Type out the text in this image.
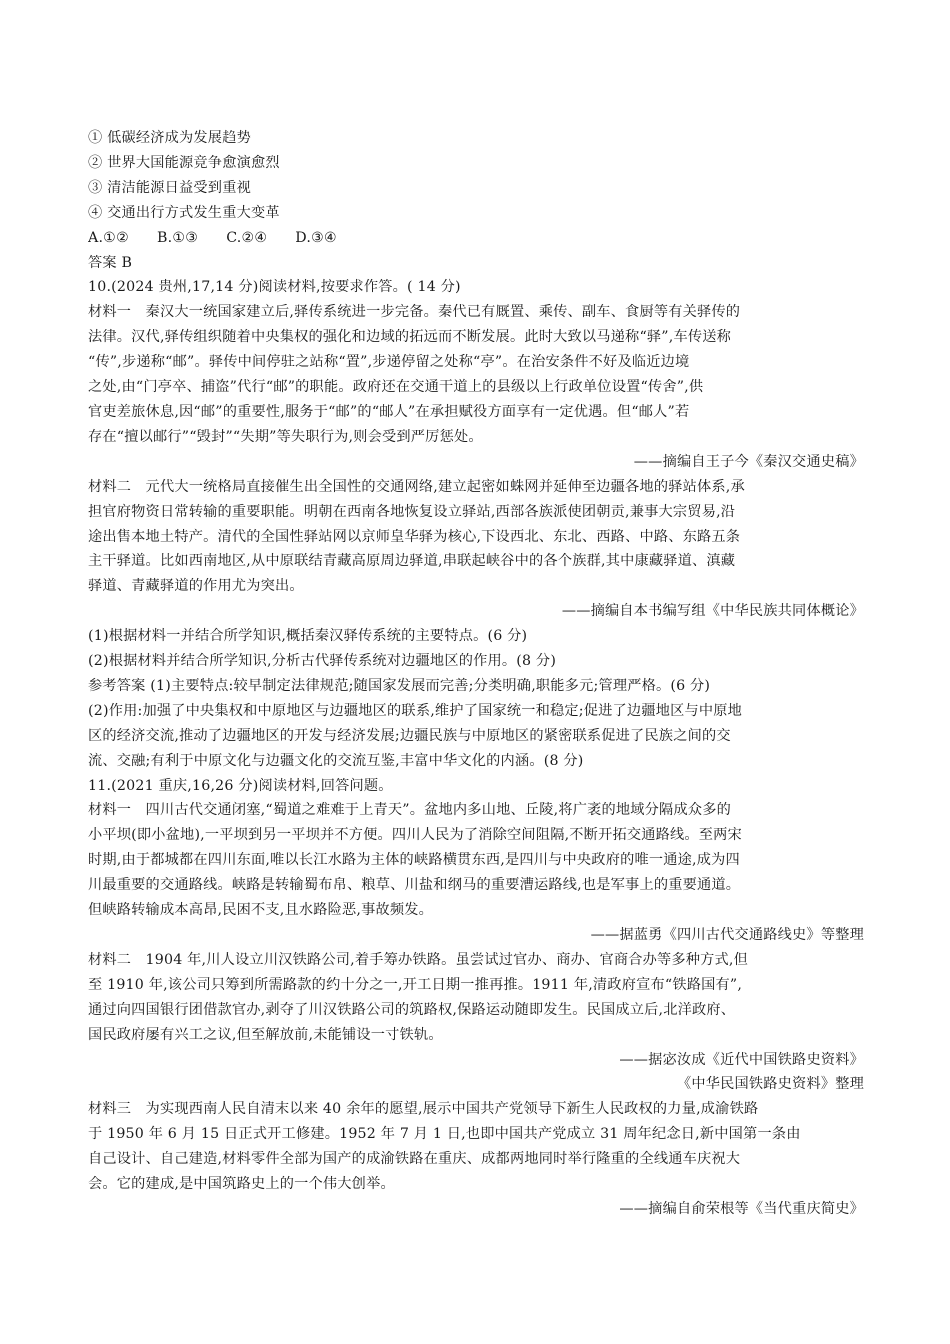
① 低碳经济成为发展趋势
② 世界大国能源竞争愈演愈烈
③ 清洁能源日益受到重视
④ 交通出行方式发生重大变革
A.①② B.①③ C.②④ D.③④
答案 B
10.(2024 贵州,17,14 分)阅读材料,按要求作答。( 14 分)
材料一　秦汉大一统国家建立后,驿传系统进一步完备。秦代已有厩置、乘传、副车、食厨等有关驿传的
法律。汉代,驿传组织随着中央集权的强化和边域的拓远而不断发展。此时大致以马递称“驿”,车传送称
“传”,步递称“邮”。驿传中间停驻之站称“置”,步递停留之处称“亭”。在治安条件不好及临近边境
之处,由“门亭卒、捕盗”代行“邮”的职能。政府还在交通干道上的县级以上行政单位设置“传舍”,供
官吏差旅休息,因“邮”的重要性,服务于“邮”的“邮人”在承担赋役方面享有一定优遇。但“邮人”若
存在“擅以邮行”“毁封”“失期”等失职行为,则会受到严厉惩处。
——摘编自王子今《秦汉交通史稿》
材料二　元代大一统格局直接催生出全国性的交通网络,建立起密如蛛网并延伸至边疆各地的驿站体系,承
担官府物资日常转输的重要职能。明朝在西南各地恢复设立驿站,西部各族派使团朝贡,兼事大宗贸易,沿
途出售本地土特产。清代的全国性驿站网以京师皇华驿为核心,下设西北、东北、西路、中路、东路五条
主干驿道。比如西南地区,从中原联结青藏高原周边驿道,串联起峡谷中的各个族群,其中康藏驿道、滇藏
驿道、青藏驿道的作用尤为突出。
——摘编自本书编写组《中华民族共同体概论》
(1)根据材料一并结合所学知识,概括秦汉驿传系统的主要特点。(6 分)
(2)根据材料并结合所学知识,分析古代驿传系统对边疆地区的作用。(8 分)
参考答案 (1)主要特点:较早制定法律规范;随国家发展而完善;分类明确,职能多元;管理严格。(6 分)
(2)作用:加强了中央集权和中原地区与边疆地区的联系,维护了国家统一和稳定;促进了边疆地区与中原地
区的经济交流,推动了边疆地区的开发与经济发展;边疆民族与中原地区的紧密联系促进了民族之间的交
流、交融;有利于中原文化与边疆文化的交流互鉴,丰富中华文化的内涵。(8 分)
11.(2021 重庆,16,26 分)阅读材料,回答问题。
材料一　四川古代交通闭塞,“蜀道之难难于上青天”。盆地内多山地、丘陵,将广袤的地域分隔成众多的
小平坝(即小盆地),一平坝到另一平坝并不方便。四川人民为了消除空间阻隔,不断开拓交通路线。至两宋
时期,由于都城都在四川东面,唯以长江水路为主体的峡路横贯东西,是四川与中央政府的唯一通途,成为四
川最重要的交通路线。峡路是转输蜀布帛、粮草、川盐和纲马的重要漕运路线,也是军事上的重要通道。
但峡路转输成本高昂,民困不支,且水路险恶,事故频发。
——据蓝勇《四川古代交通路线史》等整理
材料二　1904 年,川人设立川汉铁路公司,着手筹办铁路。虽尝试过官办、商办、官商合办等多种方式,但
至 1910 年,该公司只筹到所需路款的约十分之一,开工日期一推再推。1911 年,清政府宣布“铁路国有”,
通过向四国银行团借款官办,剥夺了川汉铁路公司的筑路权,保路运动随即发生。民国成立后,北洋政府、
国民政府屡有兴工之议,但至解放前,未能铺设一寸铁轨。
——据宓汝成《近代中国铁路史资料》
《中华民国铁路史资料》整理
材料三　为实现西南人民自清末以来 40 余年的愿望,展示中国共产党领导下新生人民政权的力量,成渝铁路
于 1950 年 6 月 15 日正式开工修建。1952 年 7 月 1 日,也即中国共产党成立 31 周年纪念日,新中国第一条由
自己设计、自己建造,材料零件全部为国产的成渝铁路在重庆、成都两地同时举行隆重的全线通车庆祝大
会。它的建成,是中国筑路史上的一个伟大创举。
——摘编自俞荣根等《当代重庆简史》
